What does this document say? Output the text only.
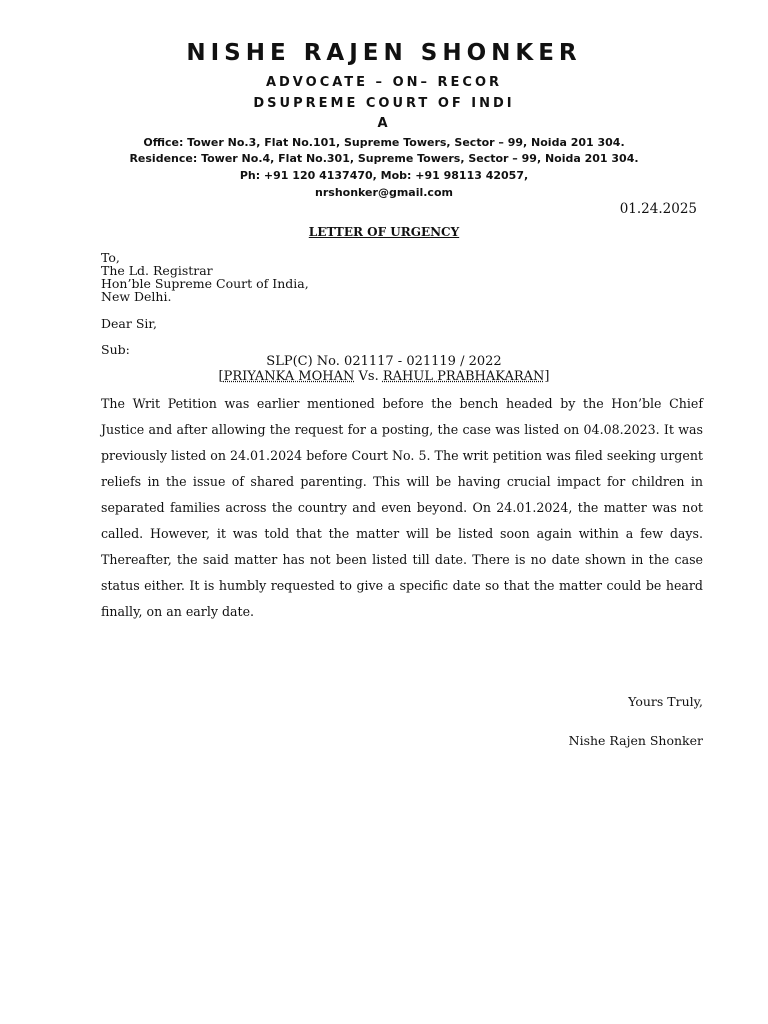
NISHE RAJEN SHONKER
ADVOCATE – ON– RECOR
DSUPREME COURT OF INDI
A
Office: Tower No.3, Flat No.101, Supreme Towers, Sector – 99, Noida 201 304.
Residence: Tower No.4, Flat No.301, Supreme Towers, Sector – 99, Noida 201 304.
Ph: +91 120 4137470, Mob: +91 98113 42057,
nrshonker@gmail.com
01.24.2025
LETTER OF URGENCY
To,
The Ld. Registrar
Hon’ble Supreme Court of India,
New Delhi.
Dear Sir,
Sub:
SLP(C) No. 021117 - 021119 / 2022
[PRIYANKA MOHAN Vs. RAHUL PRABHAKARAN]
The Writ Petition was earlier mentioned before the bench headed by the Hon’ble Chief Justice and after allowing the request for a posting, the case was listed on 04.08.2023. It was previously listed on 24.01.2024 before Court No. 5. The writ petition was filed seeking urgent reliefs in the issue of shared parenting. This will be having crucial impact for children in separated families across the country and even beyond. On 24.01.2024, the matter was not called. However, it was told that the matter will be listed soon again within a few days. Thereafter, the said matter has not been listed till date. There is no date shown in the case status either. It is humbly requested to give a specific date so that the matter could be heard finally, on an early date.
Yours Truly,
Nishe Rajen Shonker
